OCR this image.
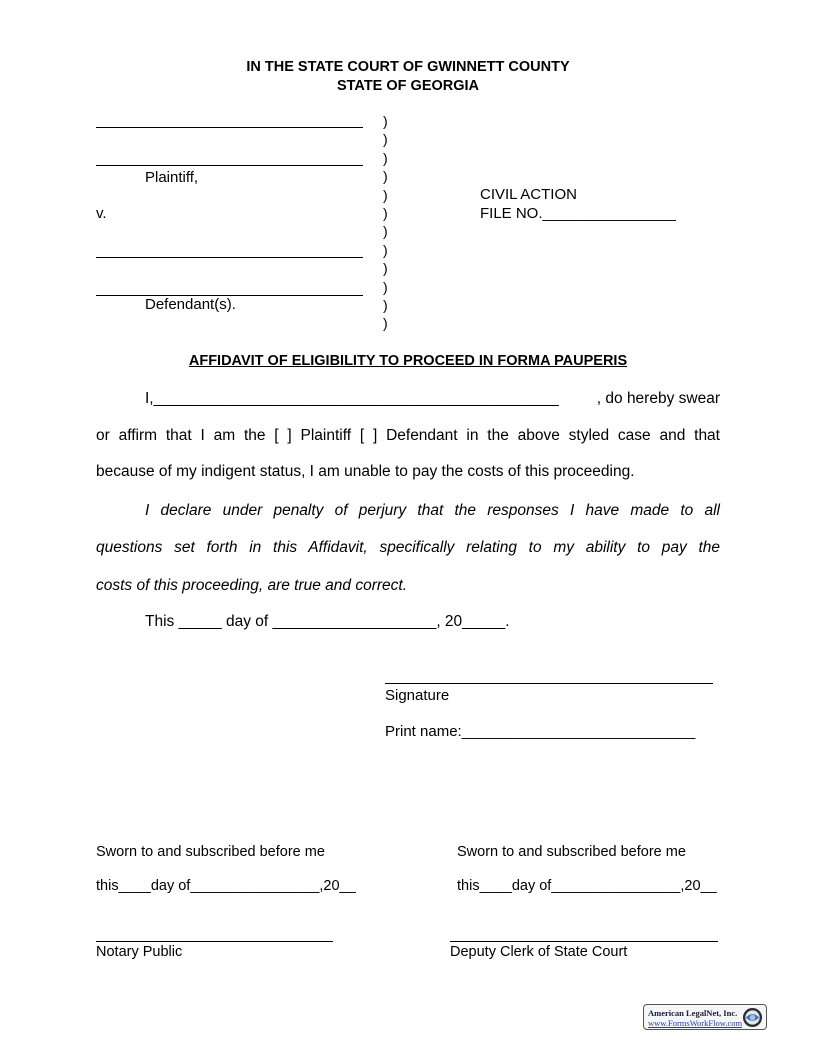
IN THE STATE COURT OF GWINNETT COUNTY
STATE OF GEORGIA
Plaintiff,
v.
Defendant(s).
)
)
)
)
)
)
)
)
)
)
)
)
CIVIL ACTION
FILE NO.________________
AFFIDAVIT OF ELIGIBILITY TO PROCEED IN FORMA PAUPERIS
I,_______________________________________________	, do hereby swear
or affirm that I am the [ ] Plaintiff [ ] Defendant in the above styled case and that
because of my indigent status, I am unable to pay the costs of this proceeding.
I declare under penalty of perjury that the responses I have made to all
questions set forth in this Affidavit, specifically relating to my ability to pay the
costs of this proceeding, are true and correct.
This _____ day of ___________________, 20_____.
Signature
Print name:____________________________
Sworn to and subscribed before me
this____day of________________,20__
Notary Public
Sworn to and subscribed before me
this____day of________________,20__
Deputy Clerk of State Court
American LegalNet, Inc.
www.FormsWorkFlow.com
